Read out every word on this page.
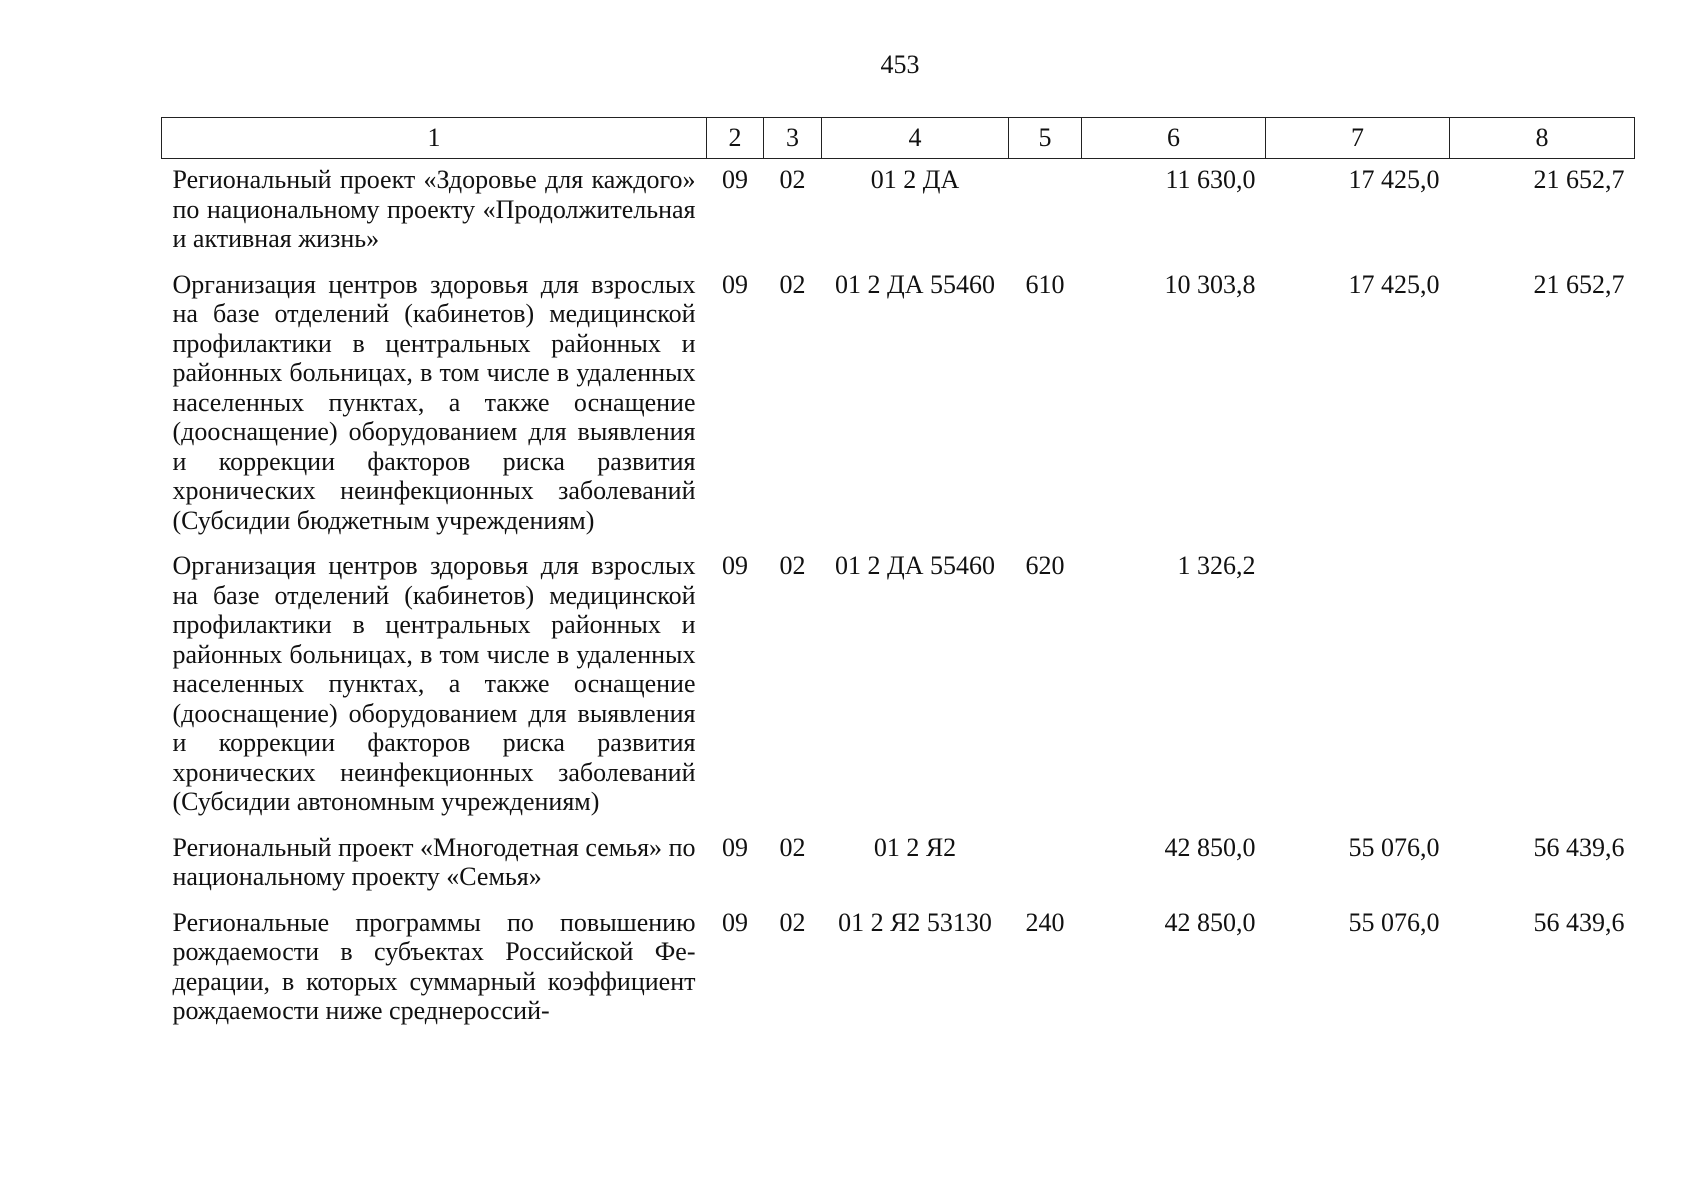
453
1	2	3	4	5	6	7	8
Региональный проект «Здоровье для каждого» по национальному проекту «Продолжительная и активная жизнь»	09	02	01 2 ДА		11 630,0	17 425,0	21 652,7
Организация центров здоровья для взрослых на базе отделений (кабинетов) медицинской профилактики в центральных районных и районных больницах, в том числе в удаленных населенных пунктах, а также оснащение (дооснащение) оборудованием для выявления и коррекции факторов риска развития хронических неинфекционных заболеваний (Субсидии бюджетным учреждениям)	09	02	01 2 ДА 55460	610	10 303,8	17 425,0	21 652,7
Организация центров здоровья для взрослых на базе отделений (кабинетов) медицинской профилактики в центральных районных и районных больницах, в том числе в удаленных населенных пунктах, а также оснащение (дооснащение) оборудованием для выявления и коррекции факторов риска развития хронических неинфекционных заболеваний (Субсидии автономным учреждениям)	09	02	01 2 ДА 55460	620	1 326,2		
Региональный проект «Многодетная семья» по национальному проекту «Семья»	09	02	01 2 Я2		42 850,0	55 076,0	56 439,6
Региональные программы по повышению рождаемости в субъектах Российской Федерации, в которых суммарный коэффициент рождаемости ниже среднероссий-	09	02	01 2 Я2 53130	240	42 850,0	55 076,0	56 439,6
